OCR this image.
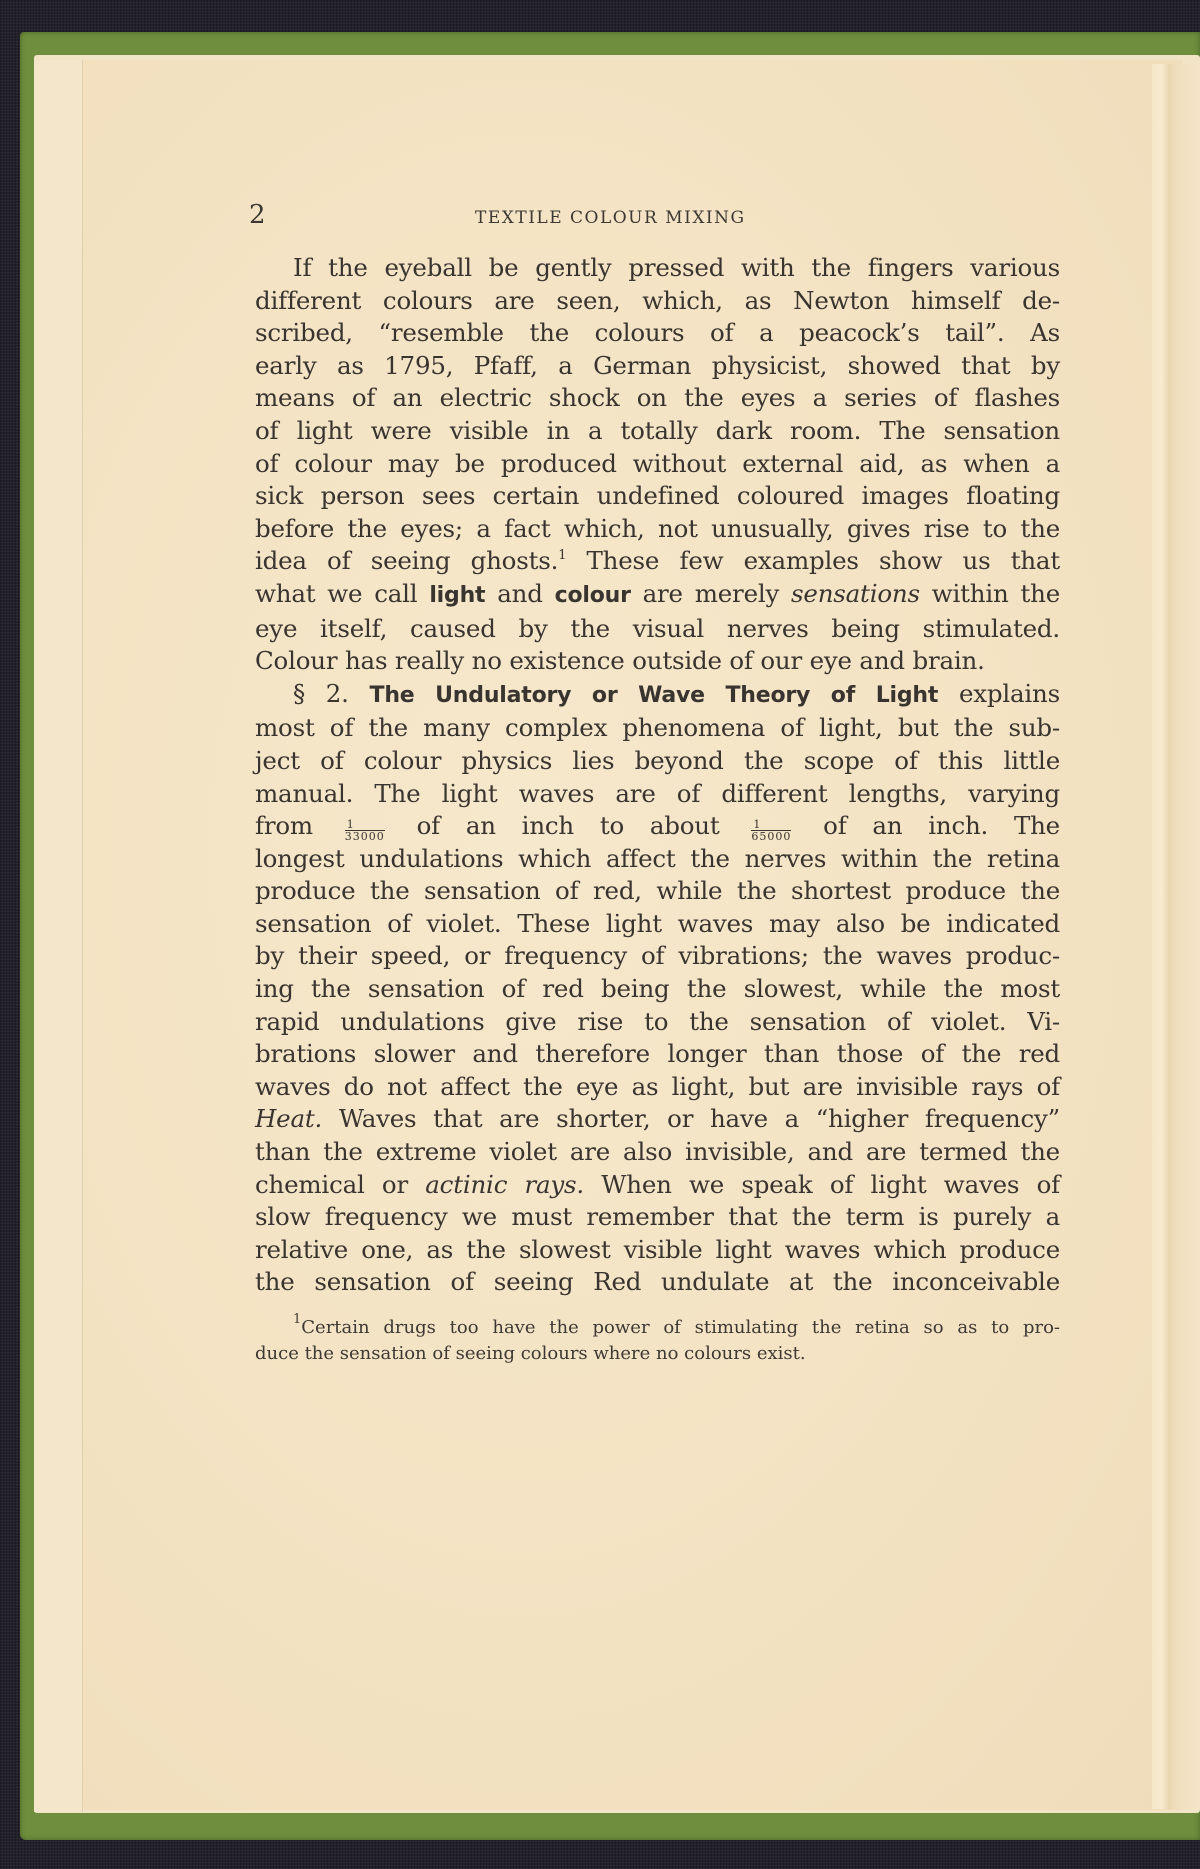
2	TEXTILE COLOUR MIXING
If the eyeball be gently pressed with the fingers various
different colours are seen, which, as Newton himself de-
scribed, “resemble the colours of a peacock’s tail”. As
early as 1795, Pfaff, a German physicist, showed that by
means of an electric shock on the eyes a series of flashes
of light were visible in a totally dark room. The sensation
of colour may be produced without external aid, as when a
sick person sees certain undefined coloured images floating
before the eyes; a fact which, not unusually, gives rise to the
idea of seeing ghosts.$^1$ These few examples show us that
what we call light and colour are merely sensations within the
eye itself, caused by the visual nerves being stimulated.
Colour has really no existence outside of our eye and brain.
§ 2. The Undulatory or Wave Theory of Light explains
most of the many complex phenomena of light, but the sub-
ject of colour physics lies beyond the scope of this little
manual. The light waves are of different lengths, varying
from	$\frac{1}{33000}$ of an inch to about	$\frac{1}{65000}$ of an inch. The
longest undulations which affect the nerves within the retina
produce the sensation of red, while the shortest produce the
sensation of violet. These light waves may also be indicated
by their speed, or frequency of vibrations; the waves produc-
ing the sensation of red being the slowest, while the most
rapid undulations give rise to the sensation of violet. Vi-
brations slower and therefore longer than those of the red
waves do not affect the eye as light, but are invisible rays of
Heat. Waves that are shorter, or have a “higher frequency”
than the extreme violet are also invisible, and are termed the
chemical or actinic rays. When we speak of light waves of
slow frequency we must remember that the term is purely a
relative one, as the slowest visible light waves which produce
the sensation of seeing Red undulate at the inconceivable
$^1$Certain drugs too have the power of stimulating the retina so as to pro-
duce the sensation of seeing colours where no colours exist.
